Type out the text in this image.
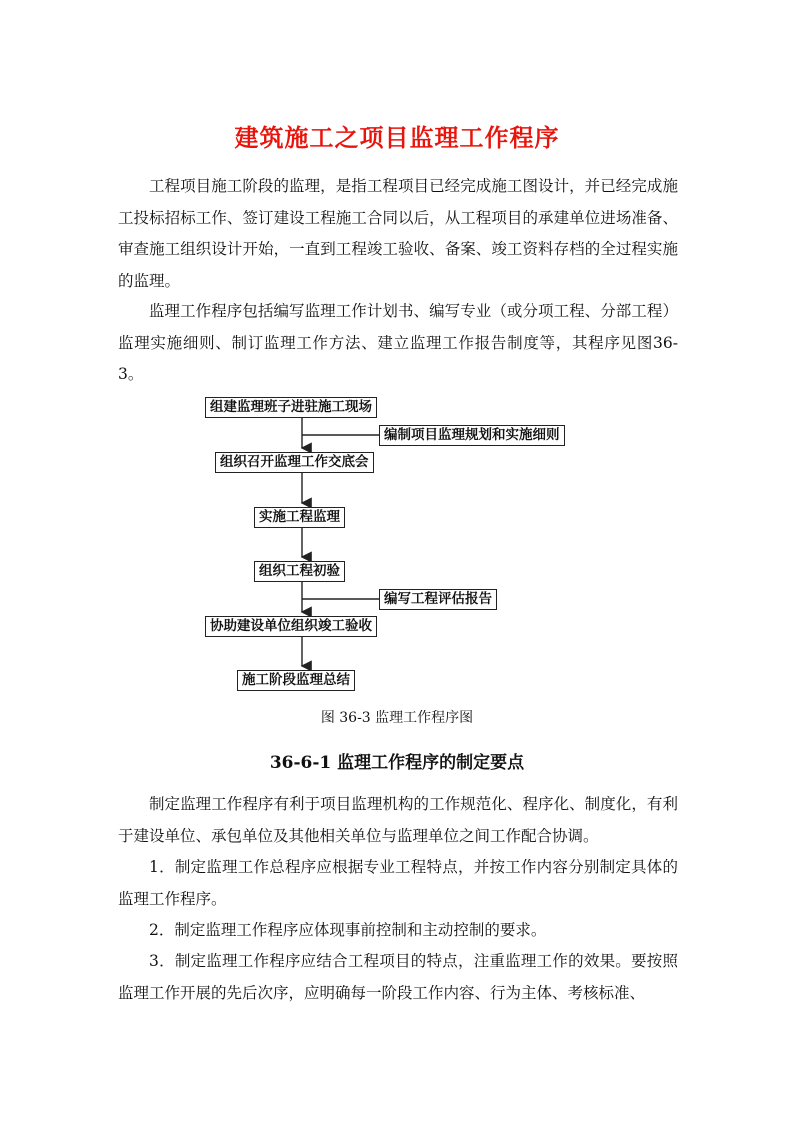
建筑施工之项目监理工作程序

工程项目施工阶段的监理，是指工程项目已经完成施工图设计，并已经完成施工投标招标工作、签订建设工程施工合同以后，从工程项目的承建单位进场准备、审查施工组织设计开始，一直到工程竣工验收、备案、竣工资料存档的全过程实施的监理。

监理工作程序包括编写监理工作计划书、编写专业（或分项工程、分部工程）监理实施细则、制订监理工作方法、建立监理工作报告制度等，其程序见图36-3。

组建监理班子进驻施工现场
编制项目监理规划和实施细则
组织召开监理工作交底会
实施工程监理
组织工程初验
编写工程评估报告
协助建设单位组织竣工验收
施工阶段监理总结
图 36-3 监理工作程序图
36-6-1 监理工作程序的制定要点

制定监理工作程序有利于项目监理机构的工作规范化、程序化、制度化，有利于建设单位、承包单位及其他相关单位与监理单位之间工作配合协调。

1．制定监理工作总程序应根据专业工程特点，并按工作内容分别制定具体的监理工作程序。

2．制定监理工作程序应体现事前控制和主动控制的要求。

3．制定监理工作程序应结合工程项目的特点，注重监理工作的效果。要按照监理工作开展的先后次序，应明确每一阶段工作内容、行为主体、考核标准、
